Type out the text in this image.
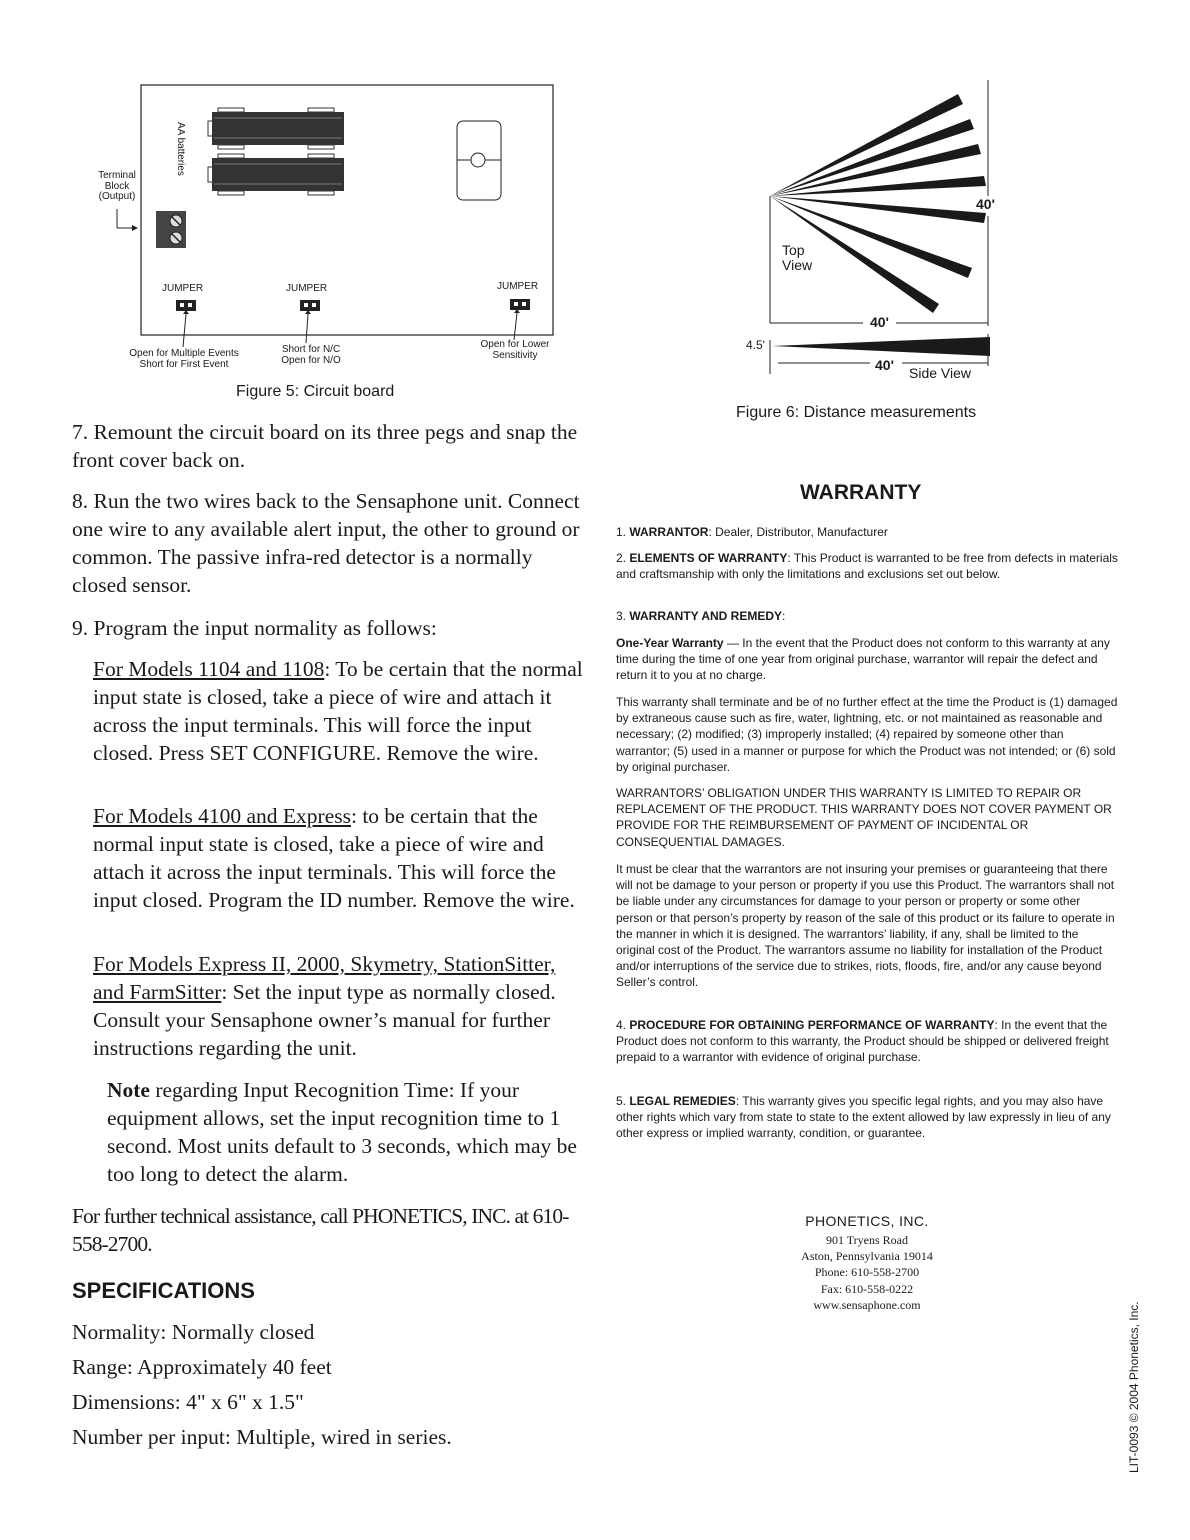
AA batteries
Terminal
Block
(Output)
JUMPER	JUMPER	JUMPER
Open for Multiple Events
Short for First Event
Short for N/C
Open for N/O
Open for Lower
Sensitivity
Figure 5: Circuit board
Top
View
40'
40'
4.5'
40' Side View
Figure 6: Distance measurements

7. Remount the circuit board on its three pegs and snap the front cover back on.

8. Run the two wires back to the Sensaphone unit. Connect one wire to any available alert input, the other to ground or common. The passive infra-red detector is a normally closed sensor.

9. Program the input normality as follows:

For Models 1104 and 1108: To be certain that the normal input state is closed, take a piece of wire and attach it across the input terminals. This will force the input closed. Press SET CONFIGURE. Remove the wire.

For Models 4100 and Express: to be certain that the normal input state is closed, take a piece of wire and attach it across the input terminals. This will force the input closed. Program the ID number. Remove the wire.

For Models Express II, 2000, Skymetry, StationSitter, and FarmSitter: Set the input type as normally closed. Consult your Sensaphone owner’s manual for further instructions regarding the unit.

Note regarding Input Recognition Time: If your equipment allows, set the input recognition time to 1 second. Most units default to 3 seconds, which may be too long to detect the alarm.

For further technical assistance, call PHONETICS, INC. at 610-558-2700.

SPECIFICATIONS

Normality: Normally closed

Range: Approximately 40 feet

Dimensions: 4" x 6" x 1.5"

Number per input: Multiple, wired in series.

WARRANTY

1. WARRANTOR: Dealer, Distributor, Manufacturer

2. ELEMENTS OF WARRANTY: This Product is warranted to be free from defects in materials and craftsmanship with only the limitations and exclusions set out below.

3. WARRANTY AND REMEDY:

One-Year Warranty — In the event that the Product does not conform to this warranty at any time during the time of one year from original purchase, warrantor will repair the defect and return it to you at no charge.

This warranty shall terminate and be of no further effect at the time the Product is (1) damaged by extraneous cause such as fire, water, lightning, etc. or not maintained as reasonable and necessary; (2) modified; (3) improperly installed; (4) repaired by someone other than warrantor; (5) used in a manner or purpose for which the Product was not intended; or (6) sold by original purchaser.

WARRANTORS’ OBLIGATION UNDER THIS WARRANTY IS LIMITED TO REPAIR OR REPLACEMENT OF THE PRODUCT. THIS WARRANTY DOES NOT COVER PAYMENT OR PROVIDE FOR THE REIMBURSEMENT OF PAYMENT OF INCIDENTAL OR CONSEQUENTIAL DAMAGES.

It must be clear that the warrantors are not insuring your premises or guaranteeing that there will not be damage to your person or property if you use this Product. The warrantors shall not be liable under any circumstances for damage to your person or property or some other person or that person’s property by reason of the sale of this product or its failure to operate in the manner in which it is designed. The warrantors’ liability, if any, shall be limited to the original cost of the Product. The warrantors assume no liability for installation of the Product and/or interruptions of the service due to strikes, riots, floods, fire, and/or any cause beyond Seller’s control.

4. PROCEDURE FOR OBTAINING PERFORMANCE OF WARRANTY: In the event that the Product does not conform to this warranty, the Product should be shipped or delivered freight prepaid to a warrantor with evidence of original purchase.

5. LEGAL REMEDIES: This warranty gives you specific legal rights, and you may also have other rights which vary from state to state to the extent allowed by law expressly in lieu of any other express or implied warranty, condition, or guarantee.

PHONETICS, INC.
901 Tryens Road
Aston, Pennsylvania 19014
Phone: 610-558-2700
Fax: 610-558-0222
www.sensaphone.com	LIT-0093 © 2004 Phonetics, Inc.
